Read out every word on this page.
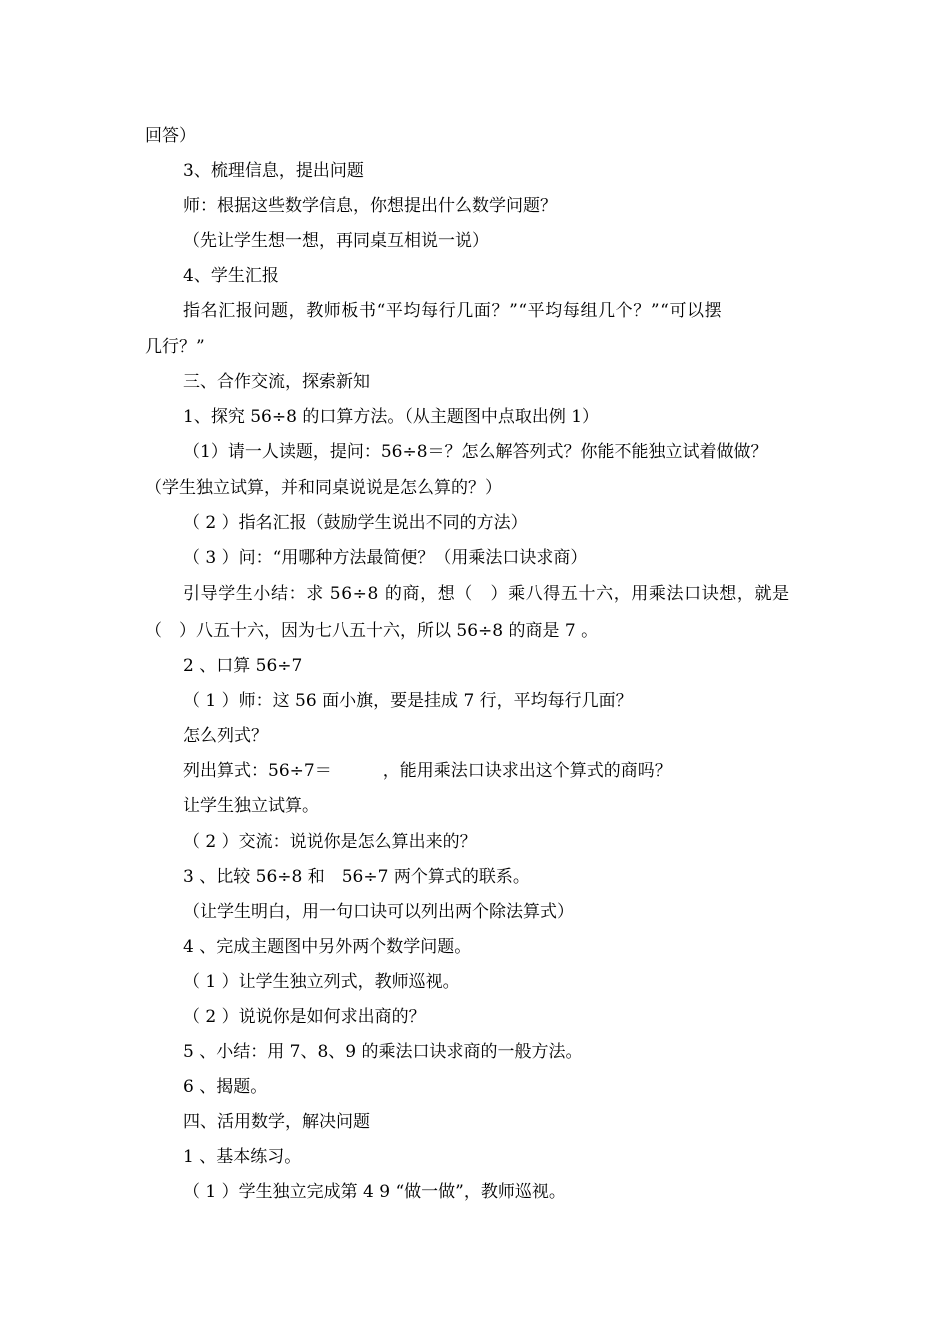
回答）
3、梳理信息，提出问题
师：根据这些数学信息，你想提出什么数学问题？
（先让学生想一想，再同桌互相说一说）
4、学生汇报
指名汇报问题，教师板书“平均每行几面？”“平均每组几个？”“可以摆
几行？”
三、合作交流，探索新知
1、探究 56÷8 的口算方法。（从主题图中点取出例 1）
（1）请一人读题，提问：56÷8＝？怎么解答列式？你能不能独立试着做做？
（学生独立试算，并和同桌说说是怎么算的？）
（ 2 ）指名汇报（鼓励学生说出不同的方法）
（ 3 ）问：“用哪种方法最简便？（用乘法口诀求商）
引导学生小结：求 56÷8 的商，想（　）乘八得五十六，用乘法口诀想，就是
（　）八五十六，因为七八五十六，所以 56÷8 的商是 7 。
2 、口算 56÷7
（ 1 ）师：这 56 面小旗，要是挂成 7 行，平均每行几面？
怎么列式？
列出算式：56÷7＝　　　，能用乘法口诀求出这个算式的商吗？
让学生独立试算。
（ 2 ）交流：说说你是怎么算出来的？
3 、比较 56÷8 和　56÷7 两个算式的联系。
（让学生明白，用一句口诀可以列出两个除法算式）
4 、完成主题图中另外两个数学问题。
（ 1 ）让学生独立列式，教师巡视。
（ 2 ）说说你是如何求出商的？
5 、小结：用 7、8、9 的乘法口诀求商的一般方法。
6 、揭题。
四、活用数学，解决问题
1 、基本练习。
（ 1 ）学生独立完成第 4 9 “做一做”，教师巡视。
